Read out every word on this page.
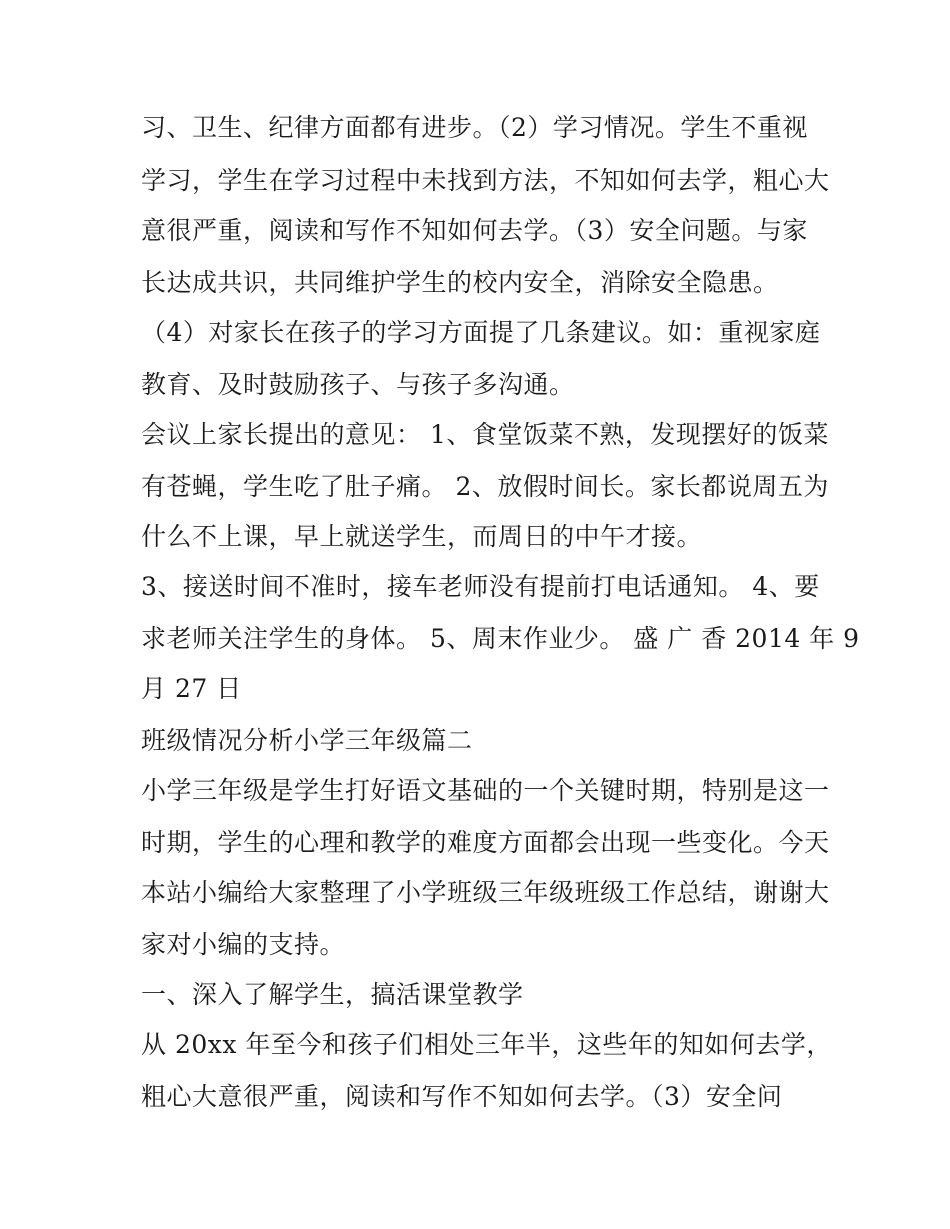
习、卫生、纪律方面都有进步。（2）学习情况。学生不重视
学习，学生在学习过程中未找到方法，不知如何去学，粗心大
意很严重，阅读和写作不知如何去学。（3）安全问题。与家
长达成共识，共同维护学生的校内安全，消除安全隐患。
（4）对家长在孩子的学习方面提了几条建议。如：重视家庭
教育、及时鼓励孩子、与孩子多沟通。
会议上家长提出的意见： 1、食堂饭菜不熟，发现摆好的饭菜
有苍蝇，学生吃了肚子痛。 2、放假时间长。家长都说周五为
什么不上课，早上就送学生，而周日的中午才接。
3、接送时间不准时，接车老师没有提前打电话通知。 4、要
求老师关注学生的身体。 5、周末作业少。 盛 广 香 2014 年 9
月 27 日
班级情况分析小学三年级篇二
小学三年级是学生打好语文基础的一个关键时期，特别是这一
时期，学生的心理和教学的难度方面都会出现一些变化。今天
本站小编给大家整理了小学班级三年级班级工作总结，谢谢大
家对小编的支持。
一、深入了解学生，搞活课堂教学
从 20xx 年至今和孩子们相处三年半，这些年的知如何去学，
粗心大意很严重，阅读和写作不知如何去学。（3）安全问
